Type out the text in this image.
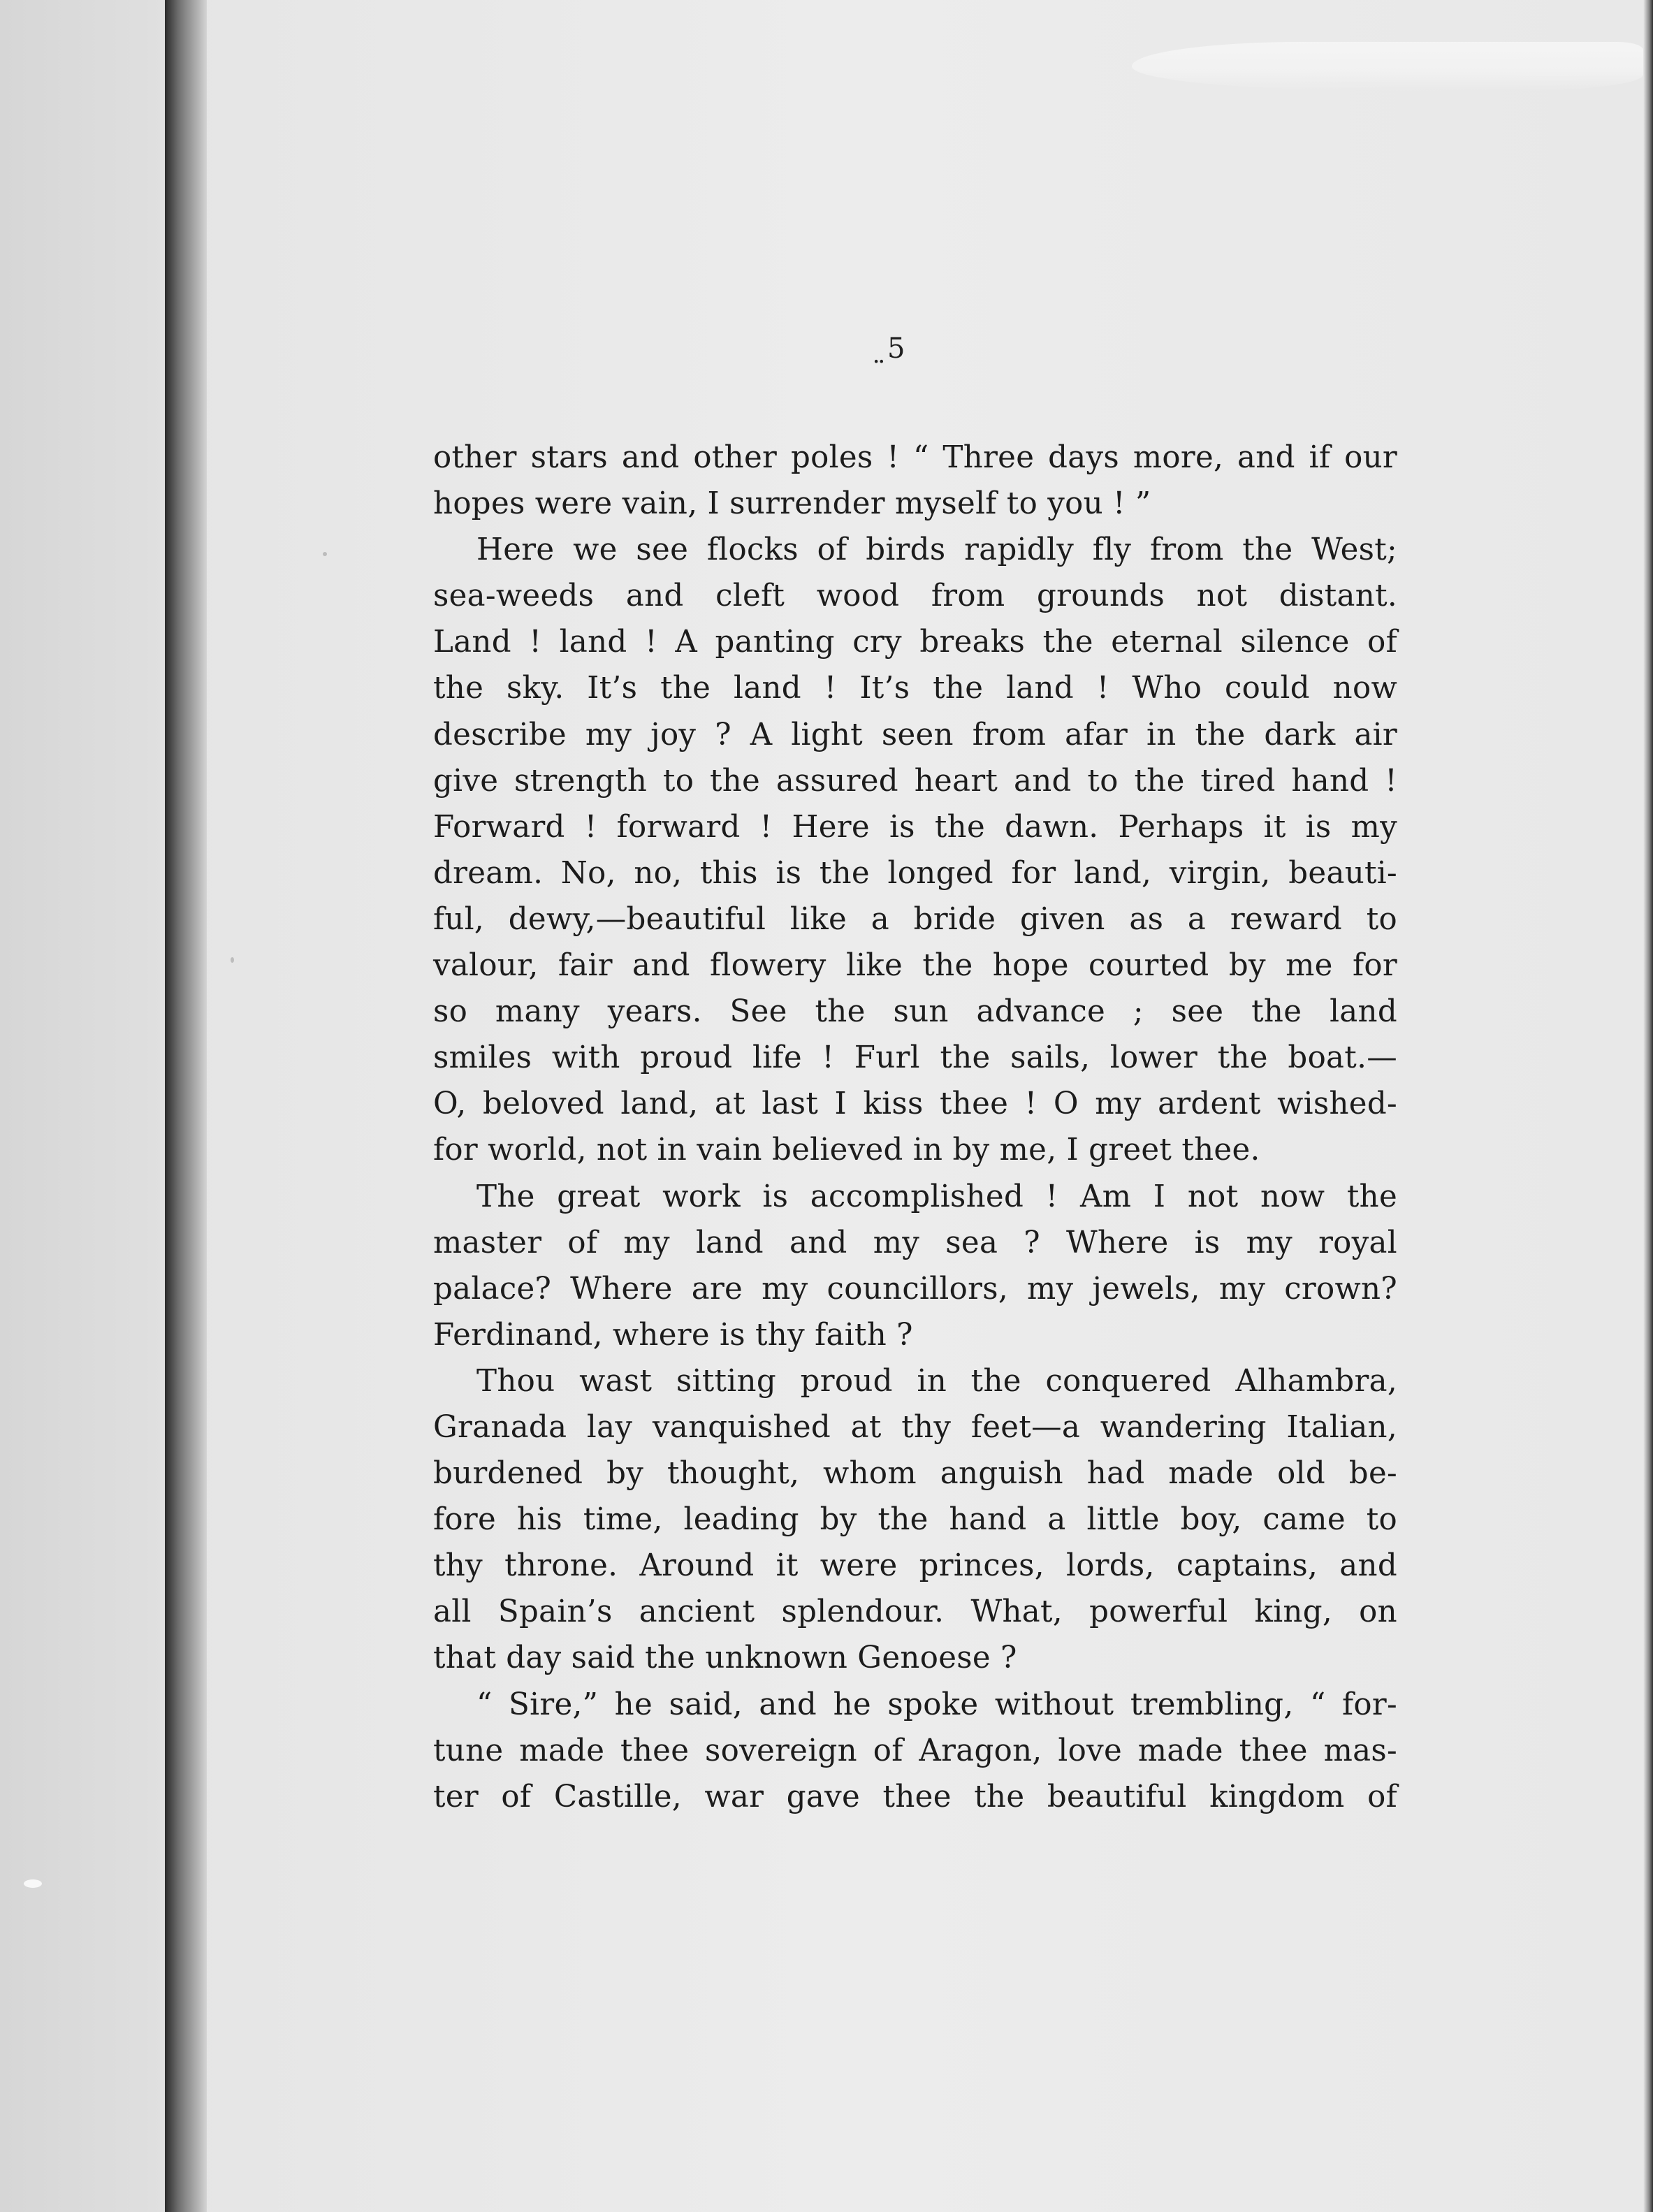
̤5

other stars and other poles ! “ Three days more, and if our
hopes were vain, I surrender myself to you ! ”

Here we see flocks of birds rapidly fly from the West;
sea-weeds and cleft wood from grounds not distant.
Land ! land ! A panting cry breaks the eternal silence of
the sky. It’s the land ! It’s the land ! Who could now
describe my joy ? A light seen from afar in the dark air
give strength to the assured heart and to the tired hand !
Forward ! forward ! Here is the dawn. Perhaps it is my
dream. No, no, this is the longed for land, virgin, beauti-
ful, dewy,—beautiful like a bride given as a reward to
valour, fair and flowery like the hope courted by me for
so many years. See the sun advance ; see the land
smiles with proud life ! Furl the sails, lower the boat.—
O, beloved land, at last I kiss thee ! O my ardent wished-
for world, not in vain believed in by me, I greet thee.

The great work is accomplished ! Am I not now the
master of my land and my sea ? Where is my royal
palace? Where are my councillors, my jewels, my crown?
Ferdinand, where is thy faith ?

Thou wast sitting proud in the conquered Alhambra,
Granada lay vanquished at thy feet—a wandering Italian,
burdened by thought, whom anguish had made old be-
fore his time, leading by the hand a little boy, came to
thy throne. Around it were princes, lords, captains, and
all Spain’s ancient splendour. What, powerful king, on
that day said the unknown Genoese ?

“ Sire,” he said, and he spoke without trembling, “ for-
tune made thee sovereign of Aragon, love made thee mas-
ter of Castille, war gave thee the beautiful kingdom of
